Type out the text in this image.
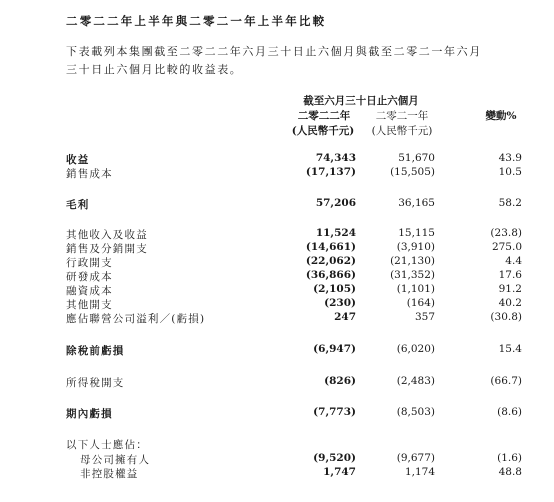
二零二二年上半年與二零二一年上半年比較
下表載列本集團截至二零二二年六月三十日止六個月與截至二零二一年六月
三十日止六個月比較的收益表。
截至六月三十日止六個月
二零二二年	二零二一年	變動%
(人民幣千元)	(人民幣千元)
收益	74,343	51,670	43.9
銷售成本	(17,137)	(15,505)	10.5
毛利	57,206	36,165	58.2
其他收入及收益	11,524	15,115	(23.8)
銷售及分銷開支	(14,661)	(3,910)	275.0
行政開支	(22,062)	(21,130)	4.4
研發成本	(36,866)	(31,352)	17.6
融資成本	(2,105)	(1,101)	91.2
其他開支	(230)	(164)	40.2
應佔聯營公司溢利／(虧損)	247	357	(30.8)
除稅前虧損	(6,947)	(6,020)	15.4
所得稅開支	(826)	(2,483)	(66.7)
期內虧損	(7,773)	(8,503)	(8.6)
以下人士應佔：
母公司擁有人	(9,520)	(9,677)	(1.6)
非控股權益	1,747	1,174	48.8
